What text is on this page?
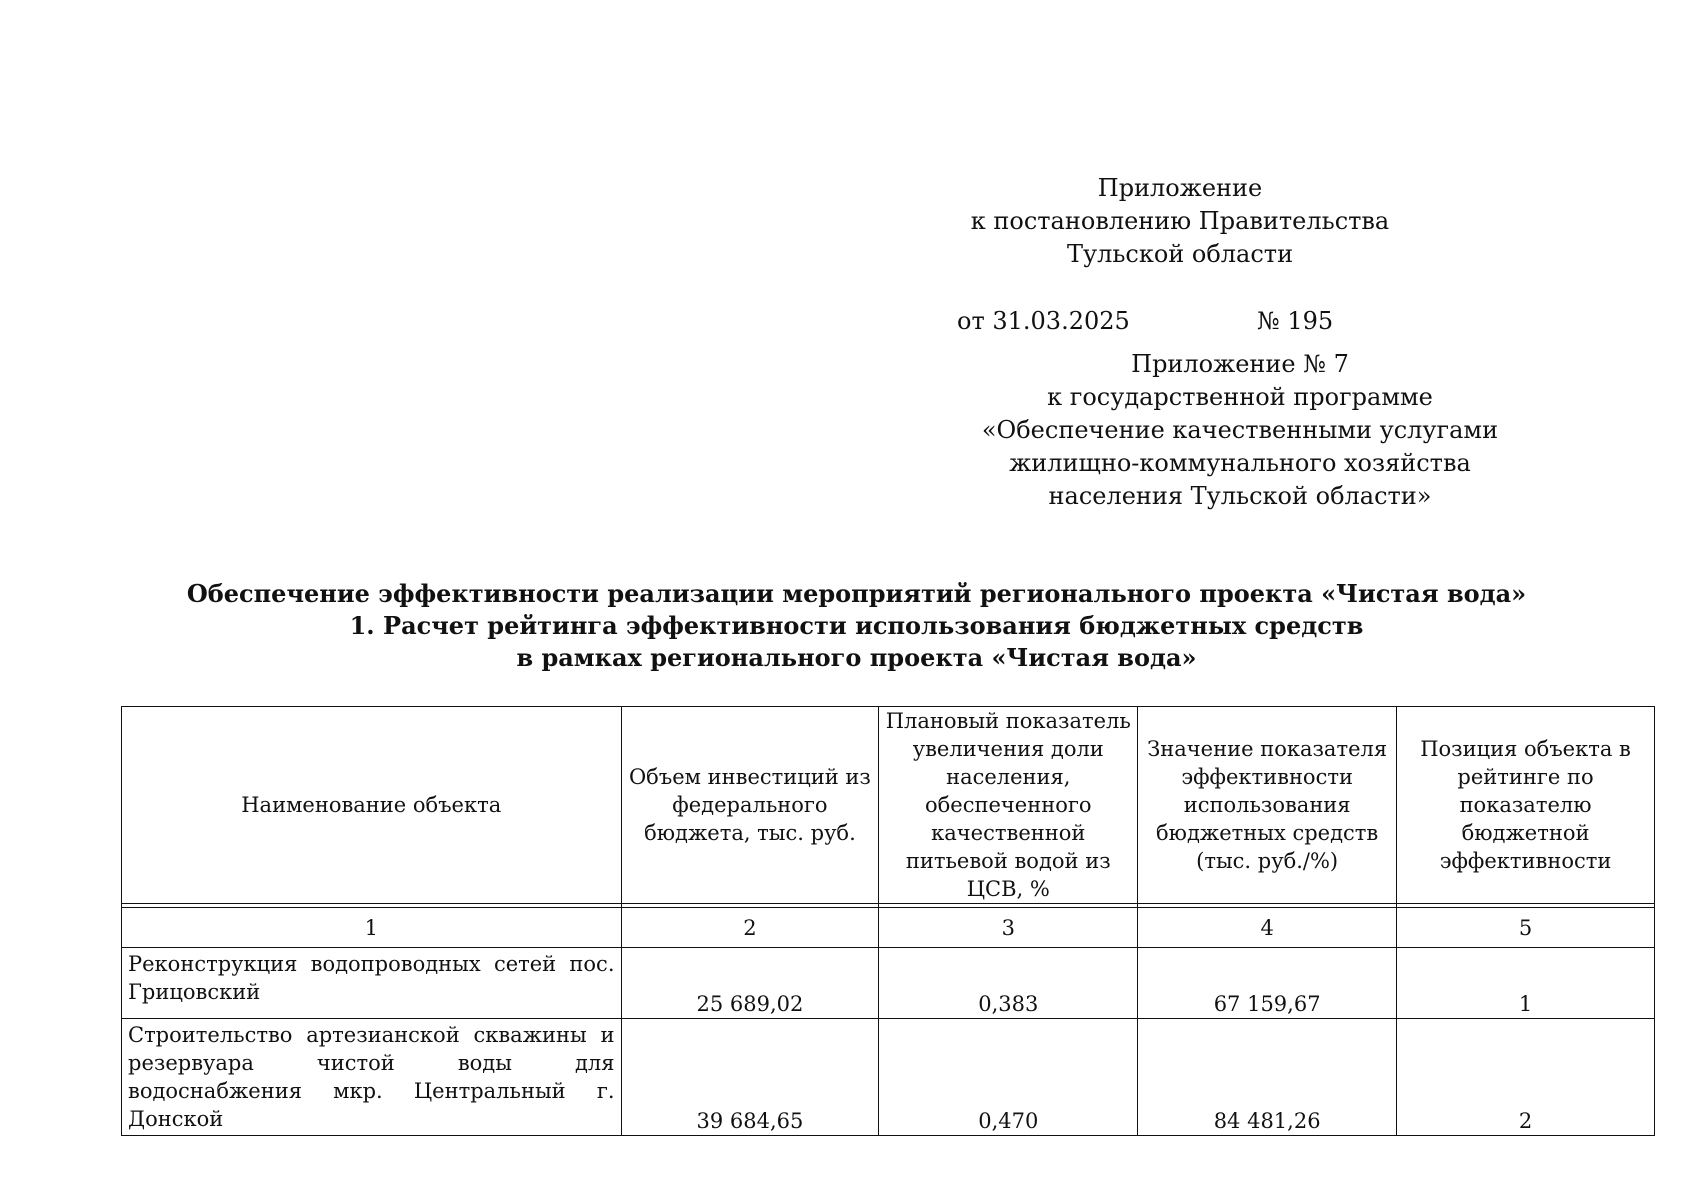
Приложение
к постановлению Правительства
Тульской области
от 31.03.2025	№ 195
Приложение № 7
к государственной программе
«Обеспечение качественными услугами
жилищно-коммунального хозяйства
населения Тульской области»
Обеспечение эффективности реализации мероприятий регионального проекта «Чистая вода»
1. Расчет рейтинга эффективности использования бюджетных средств
в рамках регионального проекта «Чистая вода»
Наименование объекта	Объем инвестиций из федерального бюджета, тыс. руб.	Плановый показатель увеличения доли населения, обеспеченного качественной питьевой водой из ЦСВ, %	Значение показателя эффективности использования бюджетных средств (тыс. руб./%)	Позиция объекта в рейтинге по показателю бюджетной эффективности

1	2	3	4	5
Реконструкция водопроводных сетей пос. Грицовский	25 689,02	0,383	67 159,67	1
Строительство артезианской скважины и резервуара чистой воды для водоснабжения мкр. Центральный г. Донской	39 684,65	0,470	84 481,26	2
